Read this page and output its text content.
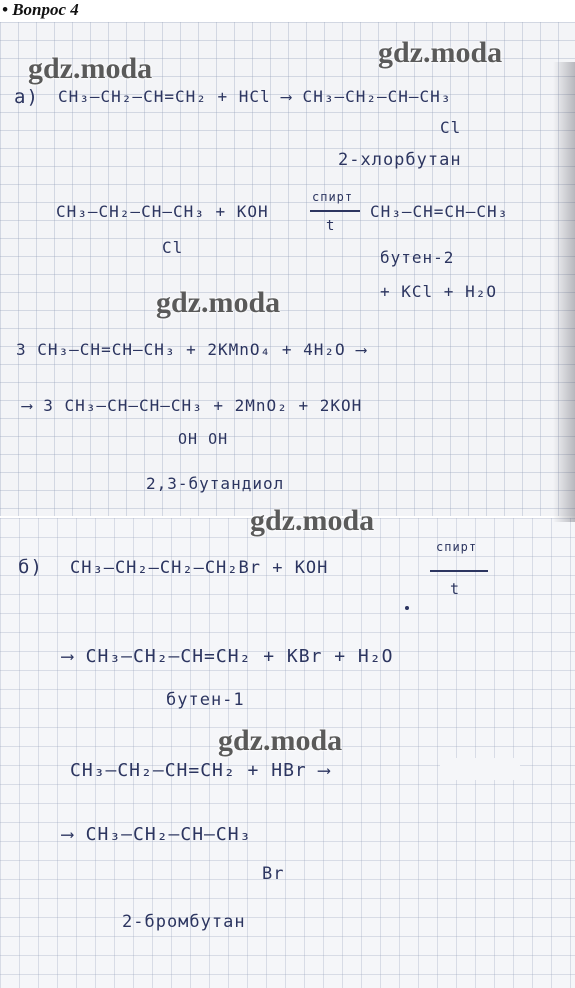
• Вопрос 4
а) CH₃–CH₂–CH=CH₂ + HCl ⟶ CH₃–CH₂–CH–CH₃
Cl
2-хлорбутан
CH₃–CH₂–CH–CH₃ + KOH
Cl
спирт
t
CH₃–CH=CH–CH₃
бутен-2
+ KCl + H₂O
3 CH₃–CH=CH–CH₃ + 2KMnO₄ + 4H₂O ⟶
⟶ 3 CH₃–CH–CH–CH₃ + 2MnO₂ + 2KOH
OH OH
2,3-бутандиол
б) CH₃–CH₂–CH₂–CH₂Br + KOH
спирт
t
⟶ CH₃–CH₂–CH=CH₂ + KBr + H₂O
бутен-1
CH₃–CH₂–CH=CH₂ + HBr ⟶
⟶ CH₃–CH₂–CH–CH₃
Br
2-бромбутан
gdz.moda	gdz.moda
gdz.moda
gdz.moda
gdz.moda
